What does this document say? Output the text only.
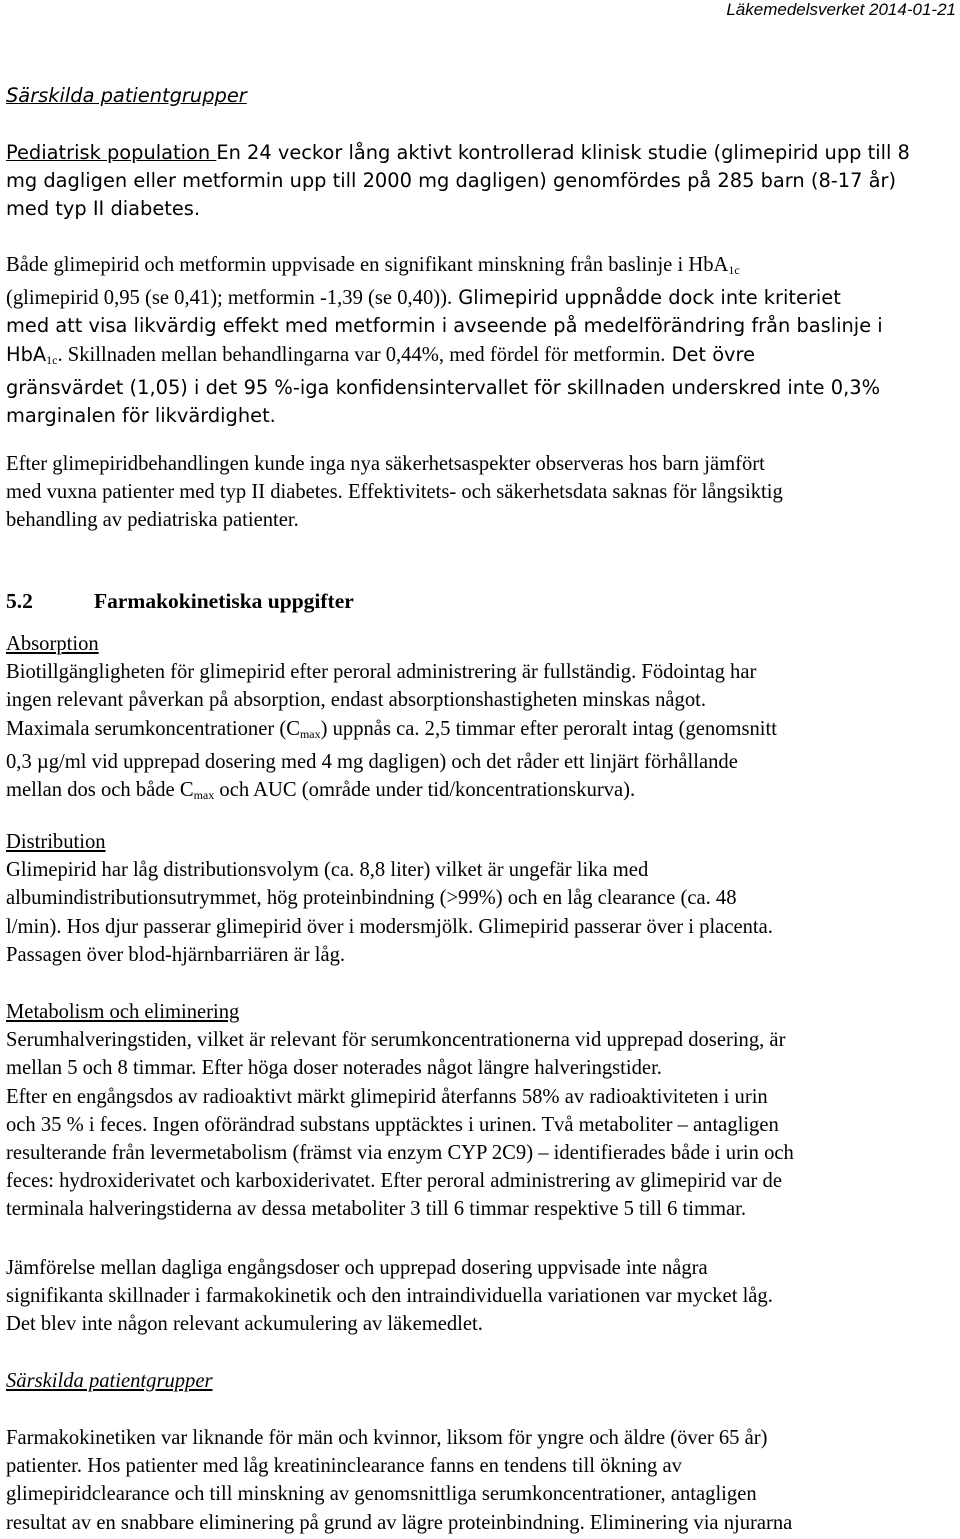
Läkemedelsverket 2014-01-21
Särskilda patientgrupper
Pediatrisk population En 24 veckor lång aktivt kontrollerad klinisk studie (glimepirid upp till 8
mg dagligen eller metformin upp till 2000 mg dagligen) genomfördes på 285 barn (8-17 år)
med typ II diabetes.
Både glimepirid och metformin uppvisade en signifikant minskning från baslinje i HbA$_{1c}$
(glimepirid 0,95 (se 0,41); metformin -1,39 (se 0,40)). Glimepirid uppnådde dock inte kriteriet
med att visa likvärdig effekt med metformin i avseende på medelförändring från baslinje i
HbA$_{1c}$. Skillnaden mellan behandlingarna var 0,44%, med fördel för metformin. Det övre
gränsvärdet (1,05) i det 95 %-iga konfidensintervallet för skillnaden underskred inte 0,3%
marginalen för likvärdighet.
Efter glimepiridbehandlingen kunde inga nya säkerhetsaspekter observeras hos barn jämfört
med vuxna patienter med typ II diabetes. Effektivitets- och säkerhetsdata saknas för långsiktig
behandling av pediatriska patienter.
5.2	Farmakokinetiska uppgifter
Absorption
Biotillgängligheten för glimepirid efter peroral administrering är fullständig. Födointag har
ingen relevant påverkan på absorption, endast absorptionshastigheten minskas något.
Maximala serumkoncentrationer $(C_{max})$ uppnås ca. 2,5 timmar efter peroralt intag (genomsnitt
0,3 µg/ml vid upprepad dosering med 4 mg dagligen) och det råder ett linjärt förhållande
mellan dos och både $C_{max}$ och AUC (område under tid/koncentrationskurva).
Distribution
Glimepirid har låg distributionsvolym (ca. 8,8 liter) vilket är ungefär lika med
albumindistributionsutrymmet, hög proteinbindning (>99%) och en låg clearance (ca. 48
l/min). Hos djur passerar glimepirid över i modersmjölk. Glimepirid passerar över i placenta.
Passagen över blod-hjärnbarriären är låg.
Metabolism och eliminering
Serumhalveringstiden, vilket är relevant för serumkoncentrationerna vid upprepad dosering, är
mellan 5 och 8 timmar. Efter höga doser noterades något längre halveringstider.
Efter en engångsdos av radioaktivt märkt glimepirid återfanns 58% av radioaktiviteten i urin
och 35 % i feces. Ingen oförändrad substans upptäcktes i urinen. Två metaboliter – antagligen
resulterande från levermetabolism (främst via enzym CYP 2C9) – identifierades både i urin och
feces: hydroxiderivatet och karboxiderivatet. Efter peroral administrering av glimepirid var de
terminala halveringstiderna av dessa metaboliter 3 till 6 timmar respektive 5 till 6 timmar.
Jämförelse mellan dagliga engångsdoser och upprepad dosering uppvisade inte några
signifikanta skillnader i farmakokinetik och den intraindividuella variationen var mycket låg.
Det blev inte någon relevant ackumulering av läkemedlet.
Särskilda patientgrupper
Farmakokinetiken var liknande för män och kvinnor, liksom för yngre och äldre (över 65 år)
patienter. Hos patienter med låg kreatininclearance fanns en tendens till ökning av
glimepiridclearance och till minskning av genomsnittliga serumkoncentrationer, antagligen
resultat av en snabbare eliminering på grund av lägre proteinbindning. Eliminering via njurarna
